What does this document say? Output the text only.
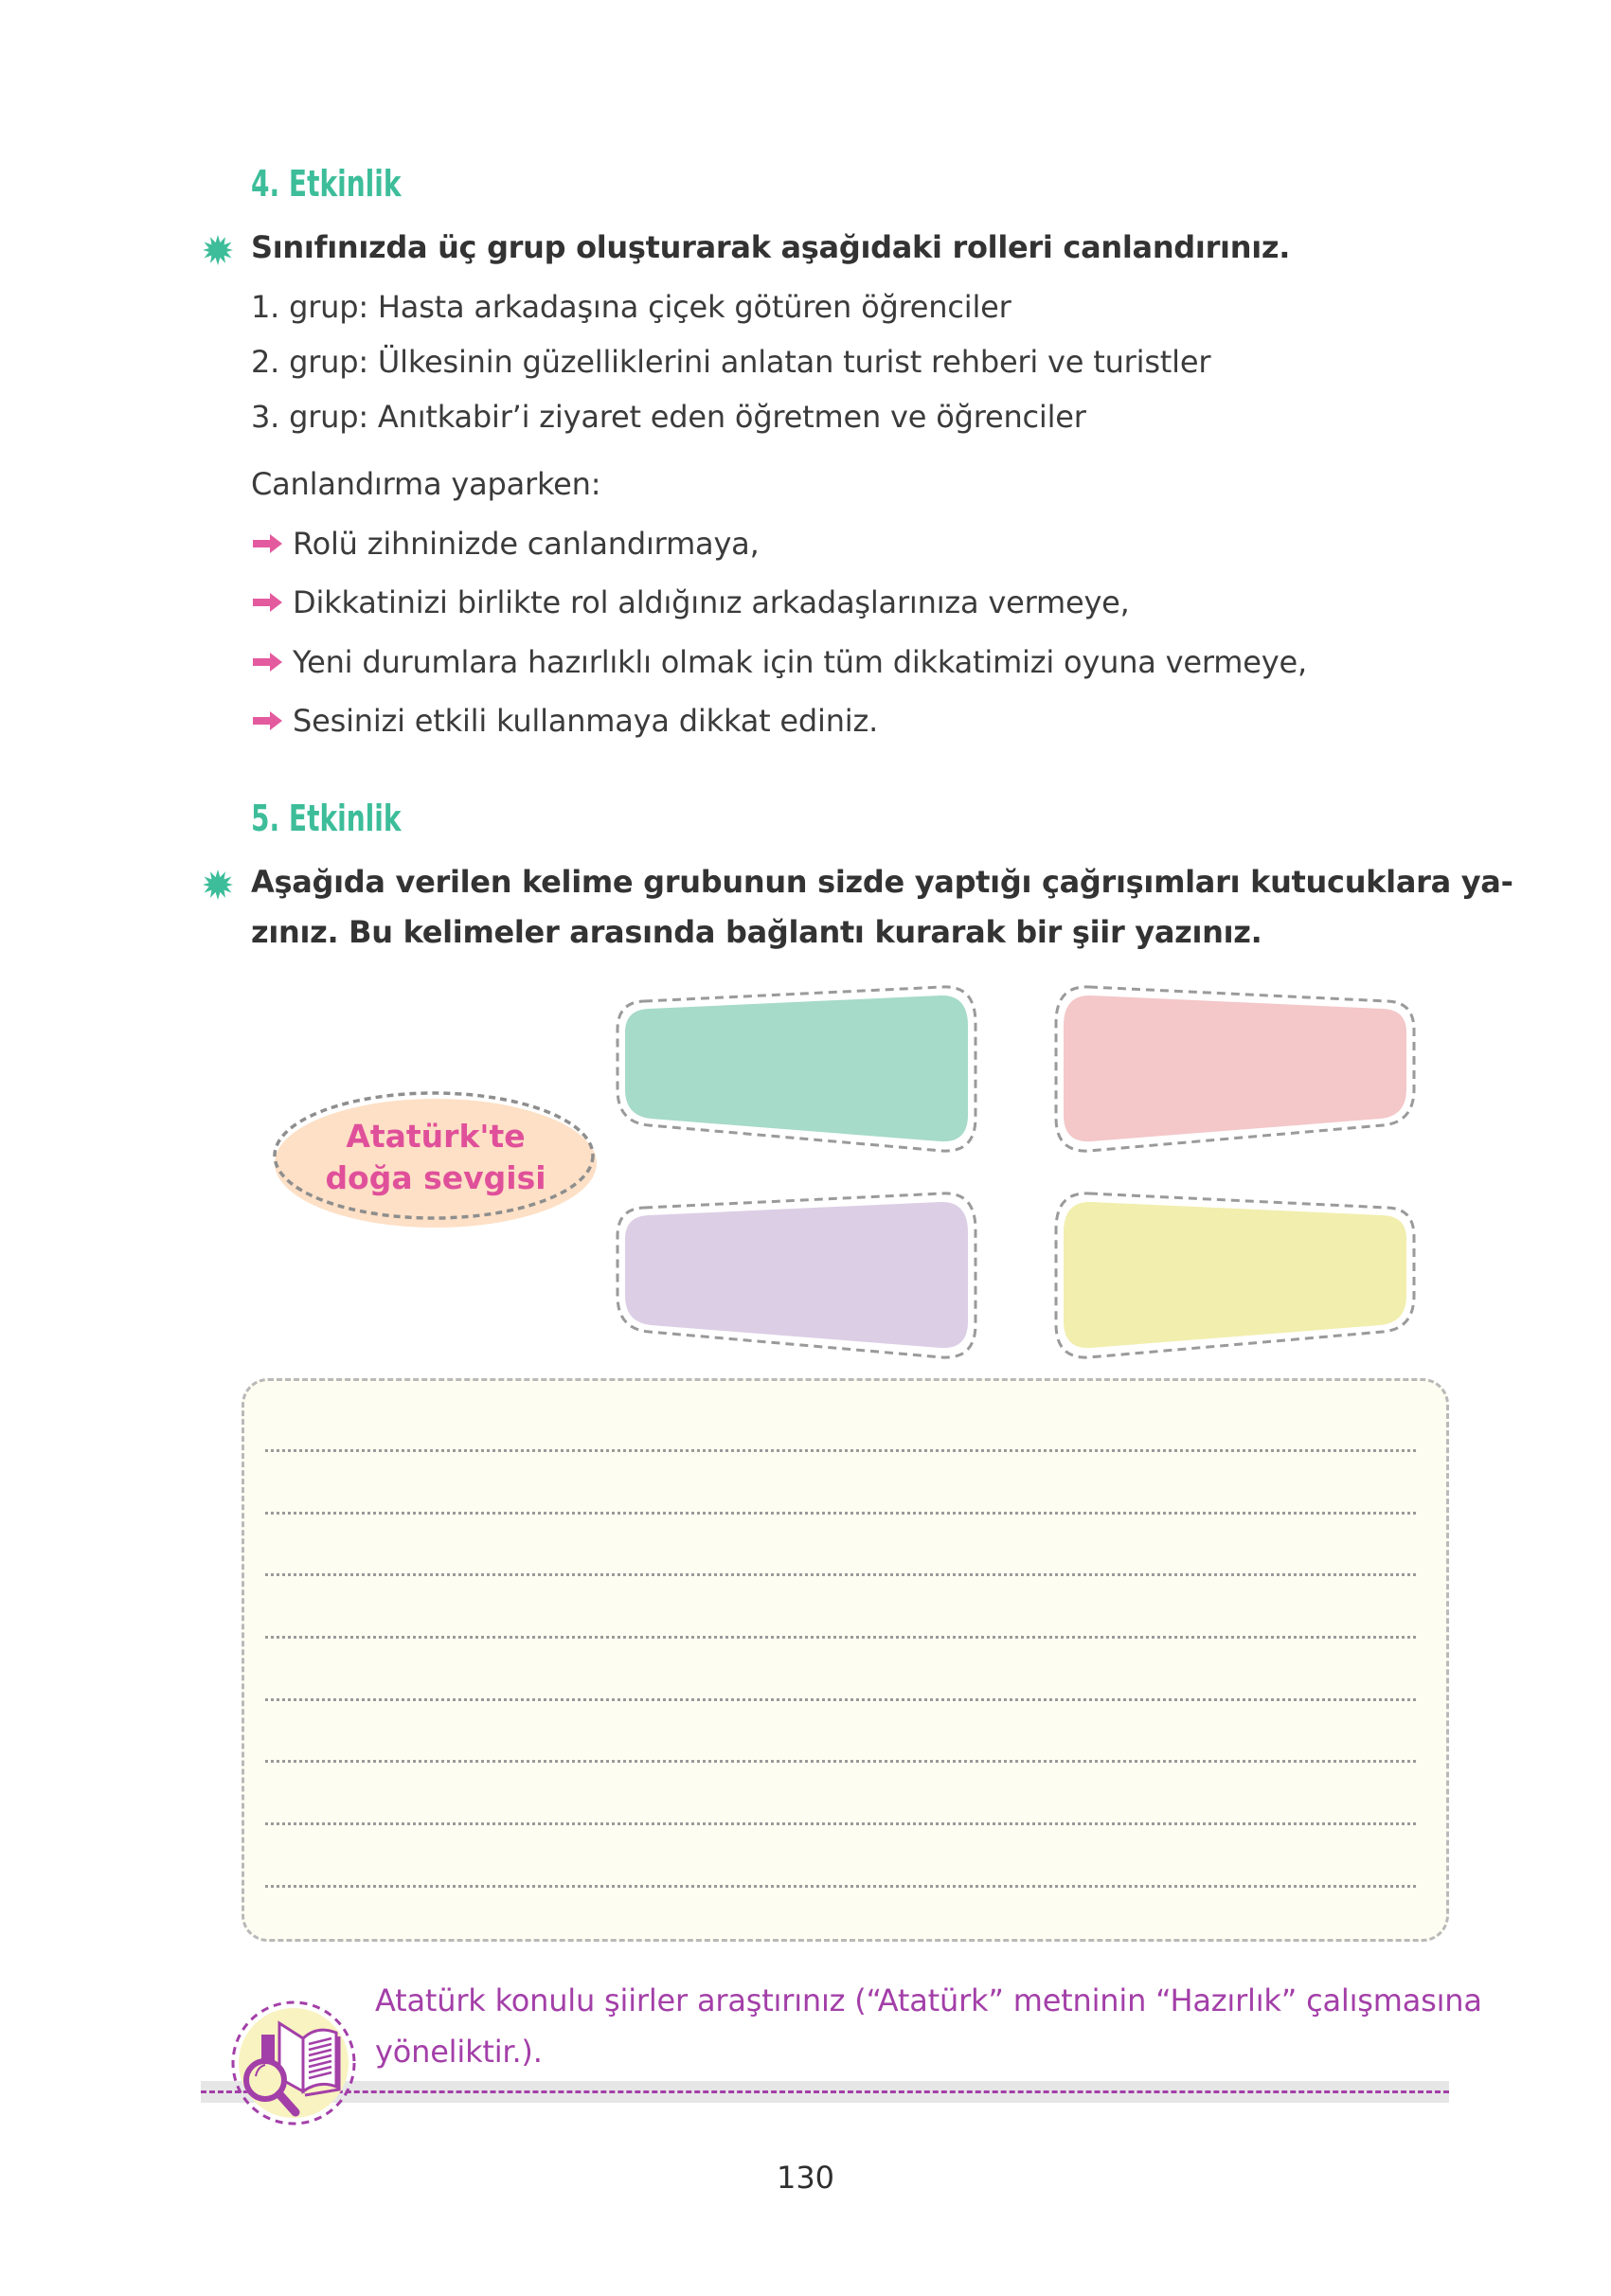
4. Etkinlik
Sınıfınızda üç grup oluşturarak aşağıdaki rolleri canlandırınız.
1. grup: Hasta arkadaşına çiçek götüren öğrenciler
2. grup: Ülkesinin güzelliklerini anlatan turist rehberi ve turistler
3. grup: Anıtkabir’i ziyaret eden öğretmen ve öğrenciler
Canlandırma yaparken:
Rolü zihninizde canlandırmaya,
Dikkatinizi birlikte rol aldığınız arkadaşlarınıza vermeye,
Yeni durumlara hazırlıklı olmak için tüm dikkatimizi oyuna vermeye,
Sesinizi etkili kullanmaya dikkat ediniz.
5. Etkinlik
Aşağıda verilen kelime grubunun sizde yaptığı çağrışımları kutucuklara ya-
zınız. Bu kelimeler arasında bağlantı kurarak bir şiir yazınız.
Atatürk'te
doğa sevgisi
Atatürk konulu şiirler araştırınız (“Atatürk” metninin “Hazırlık” çalışmasına
yöneliktir.).
130
